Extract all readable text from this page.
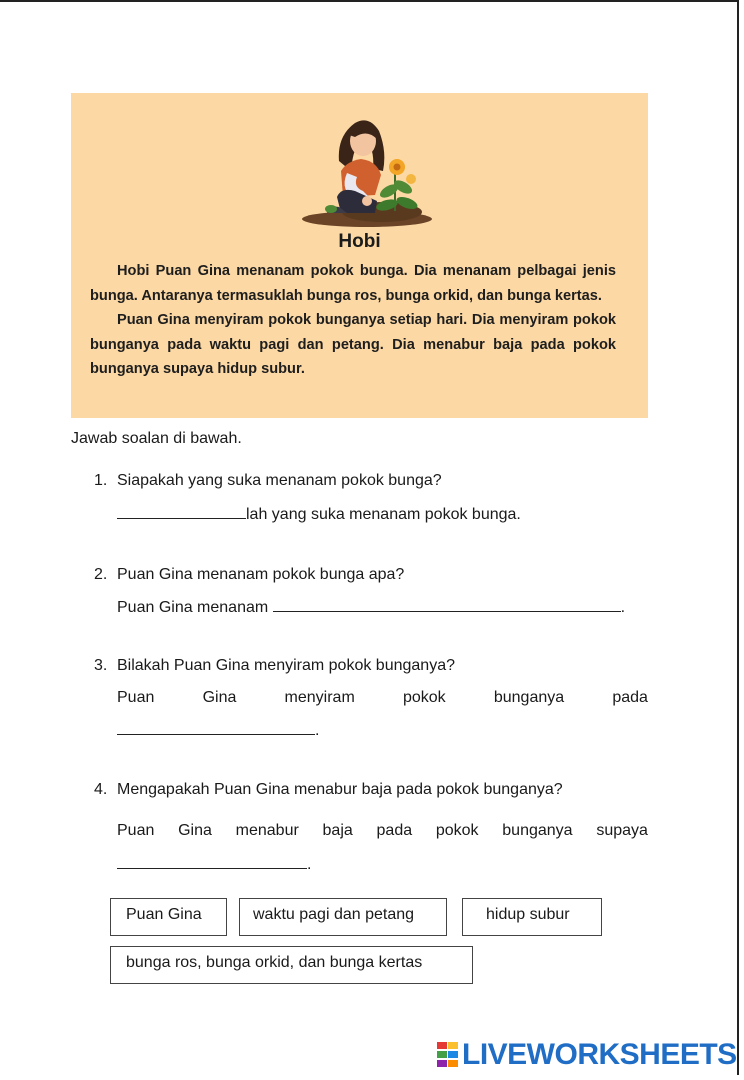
Hobi

Hobi Puan Gina menanam pokok bunga. Dia menanam pelbagai jenis bunga. Antaranya termasuklah bunga ros, bunga orkid, dan bunga kertas.

Puan Gina menyiram pokok bunganya setiap hari. Dia menyiram pokok bunganya pada waktu pagi dan petang. Dia menabur baja pada pokok bunganya supaya hidup subur.

Jawab soalan di bawah.
1. Siapakah yang suka menanam pokok bunga?
lah yang suka menanam pokok bunga.
2. Puan Gina menanam pokok bunga apa?
Puan Gina menanam	.
3. Bilakah Puan Gina menyiram pokok bunganya?
Puan	Gina	menyiram	pokok	bunganya	pada
.
4. Mengapakah Puan Gina menabur baja pada pokok bunganya?
Puan Gina menabur baja pada pokok bunganya supaya
.
Puan Gina	waktu pagi dan petang	hidup subur
bunga ros, bunga orkid, dan bunga kertas
LIVEWORKSHEETS
